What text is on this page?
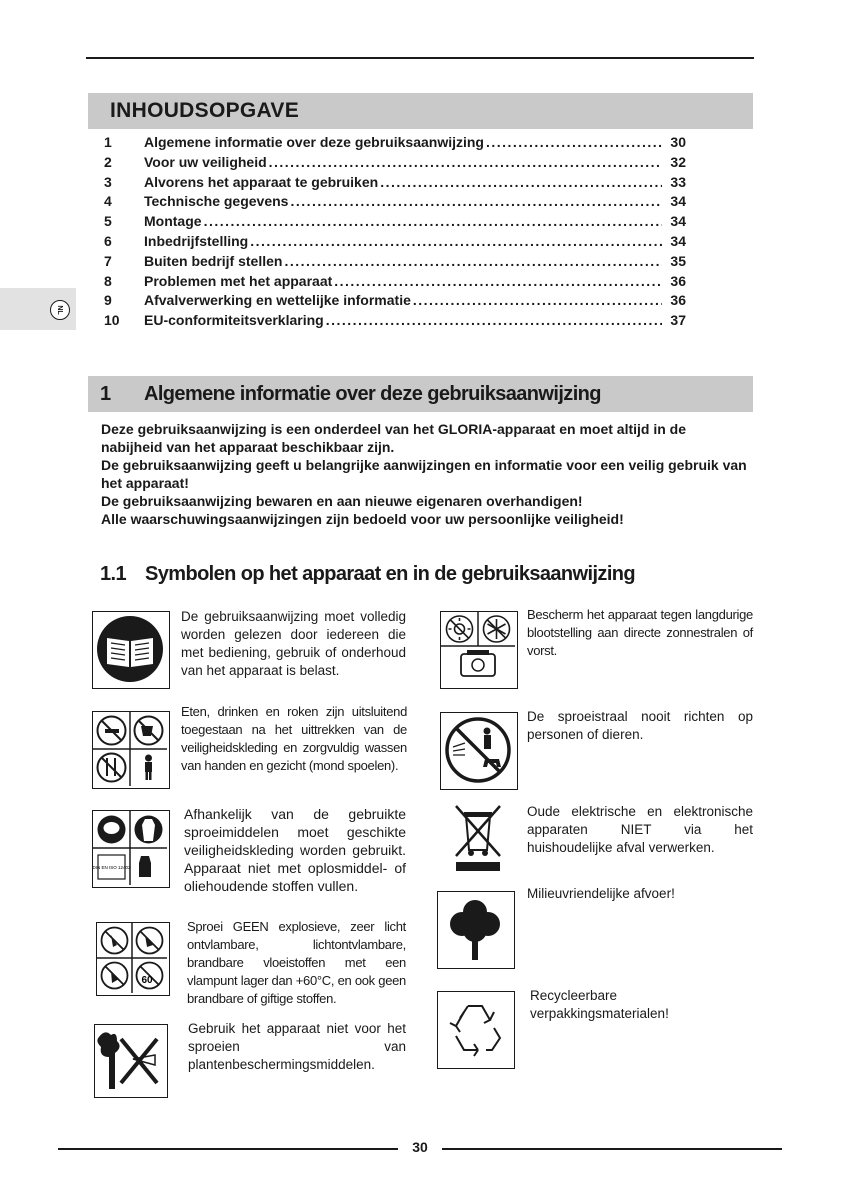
NL
INHOUDSOPGAVE
1	Algemene informatie over deze gebruiksaanwijzing . . .	30
2	Voor uw veiligheid . . .	32
3	Alvorens het apparaat te gebruiken . . .	33
4	Technische gegevens . . .	34
5	Montage . . .	34
6	Inbedrijfstelling . . .	34
7	Buiten bedrijf stellen . . .	35
8	Problemen met het apparaat . . .	36
9	Afvalverwerking en wettelijke informatie . . .	36
10	EU-conformiteitsverklaring . . .	37
1	Algemene informatie over deze gebruiksaanwijzing

Deze gebruiksaanwijzing is een onderdeel van het GLORIA-apparaat en moet altijd in de nabijheid van het apparaat beschikbaar zijn.

De gebruiksaanwijzing geeft u belangrijke aanwijzingen en informatie voor een veilig gebruik van het apparaat!

De gebruiksaanwijzing bewaren en aan nieuwe eigenaren overhandigen!

Alle waarschuwingsaanwijzingen zijn bedoeld voor uw persoonlijke veiligheid!

1.1 Symbolen op het apparaat en in de gebruiksaanwijzing
De gebruiksaanwijzing moet volledig worden gelezen door iedereen die met bediening, gebruik of onderhoud van het apparaat is belast.
Eten, drinken en roken zijn uitsluitend toegestaan na het uittrekken van de veiligheidskleding en zorgvuldig wassen van handen en gezicht (mond spoelen).
DIN EN ISO 12402
Afhankelijk van de gebruikte sproeimiddelen moet geschikte veiligheidskleding worden gebruikt. Apparaat niet met oplosmiddel- of oliehoudende stoffen vullen.
60
Sproei GEEN explosieve, zeer licht ontvlambare, lichtontvlambare, brandbare vloeistoffen met een vlampunt lager dan +60°C, en ook geen brandbare of giftige stoffen.
Gebruik het apparaat niet voor het sproeien van plantenbeschermingsmiddelen.
Bescherm het apparaat tegen langdurige blootstelling aan directe zonnestralen of vorst.
De sproeistraal nooit richten op personen of dieren.
Oude elektrische en elektronische apparaten NIET via het huishoudelijke afval verwerken.
Milieuvriendelijke afvoer!
Recycleerbare verpakkingsmaterialen!
30
